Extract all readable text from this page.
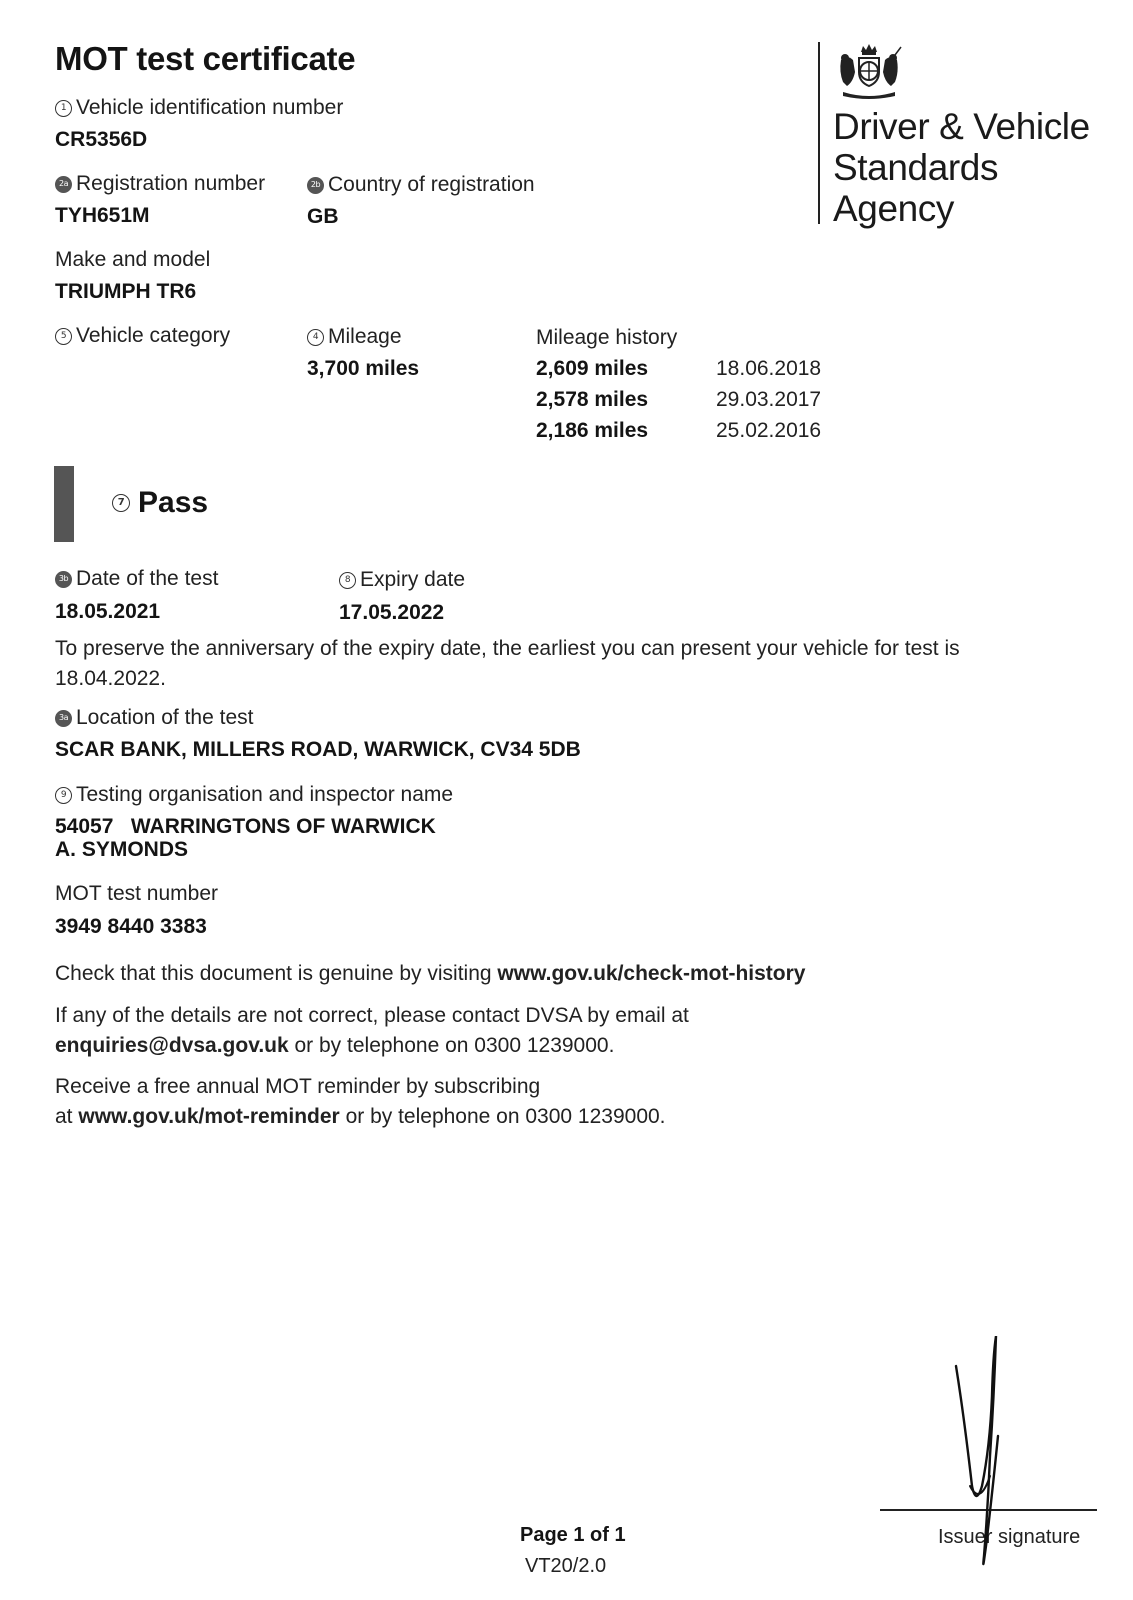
MOT test certificate
1 Vehicle identification number
CR5356D
2a Registration number
TYH651M
2b Country of registration
GB
Make and model
TRIUMPH TR6
5 Vehicle category	4 Mileage
3,700 miles
Mileage history
2,609 miles	18.06.2018
2,578 miles	29.03.2017
2,186 miles	25.02.2016
7 Pass
3b Date of the test
18.05.2021
8 Expiry date
17.05.2022
To preserve the anniversary of the expiry date, the earliest you can present your vehicle for test is
18.04.2022.
3a Location of the test
SCAR BANK, MILLERS ROAD, WARWICK, CV34 5DB
9 Testing organisation and inspector name
54057   WARRINGTONS OF WARWICK
A. SYMONDS
MOT test number
3949 8440 3383
Check that this document is genuine by visiting www.gov.uk/check-mot-history
If any of the details are not correct, please contact DVSA by email at
enquiries@dvsa.gov.uk or by telephone on 0300 1239000.
Receive a free annual MOT reminder by subscribing
at www.gov.uk/mot-reminder or by telephone on 0300 1239000.
Driver & Vehicle
Standards
Agency
Page 1 of 1
VT20/2.0
Issuer signature
